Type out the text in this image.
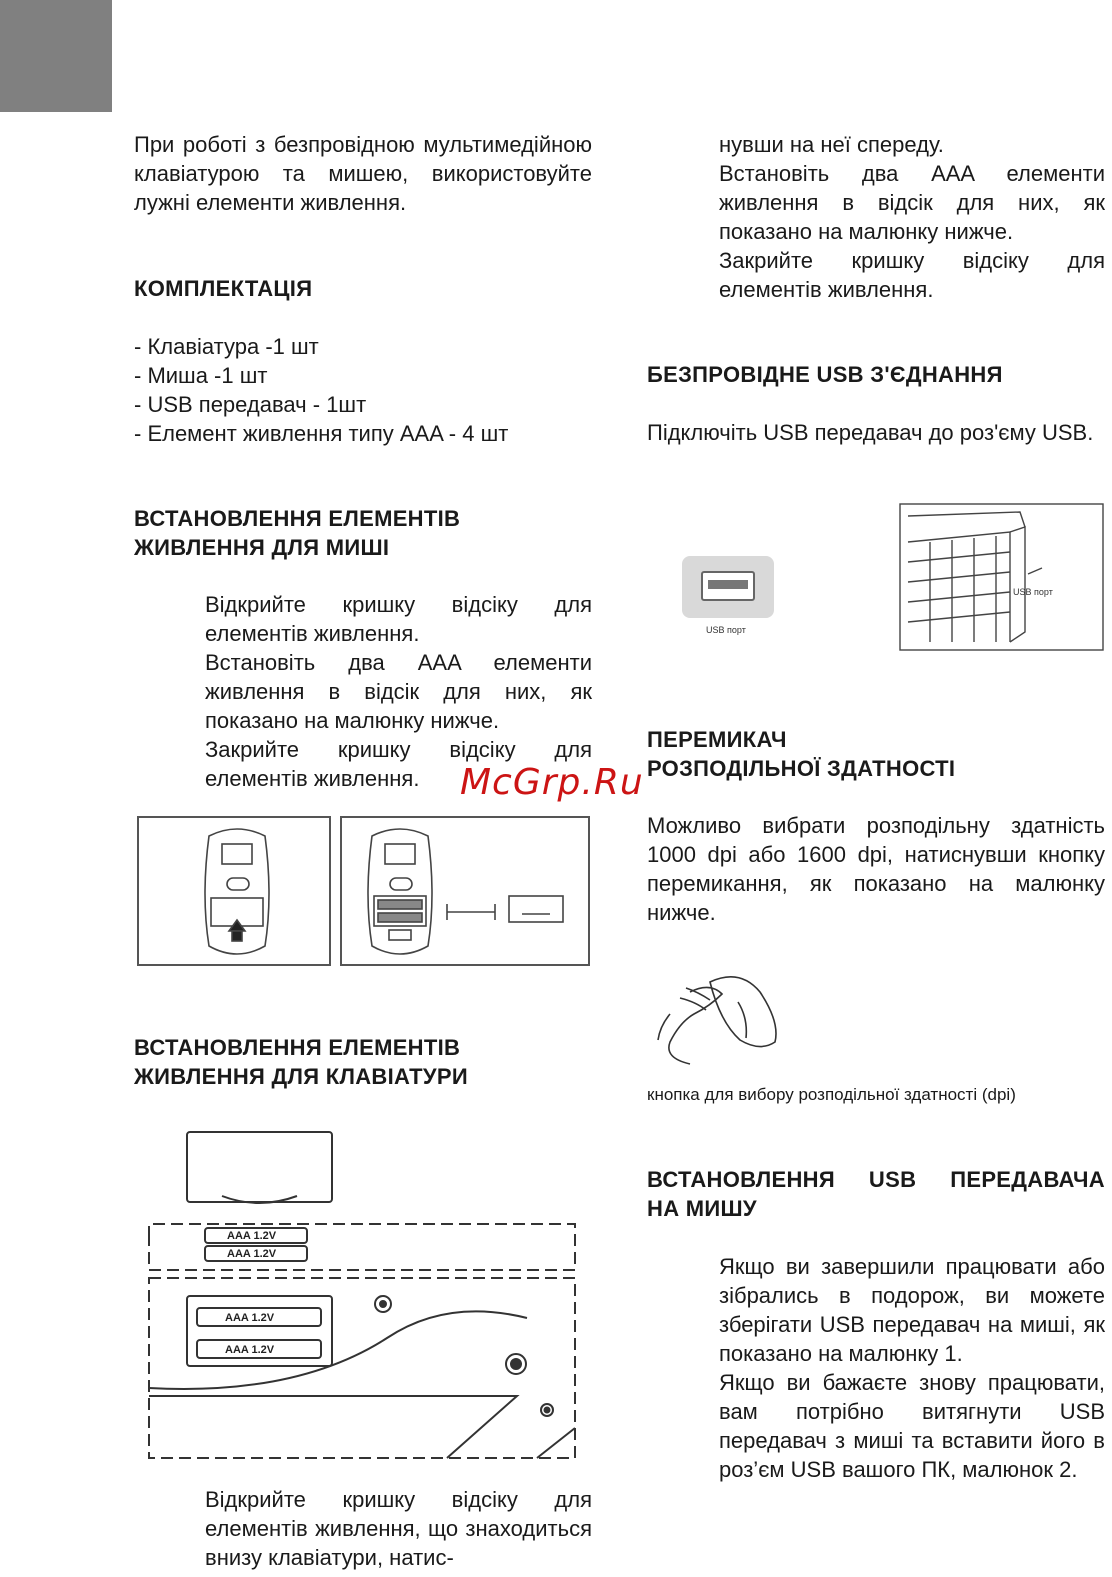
При роботі з безпровідною мультимедійною клавіатурою та мишею, використовуйте лужні елементи живлення.
КОМПЛЕКТАЦІЯ
- Клавіатура -1 шт
- Миша -1 шт
- USB передавач - 1шт
- Елемент живлення типу AAA - 4 шт
ВСТАНОВЛЕННЯ ЕЛЕМЕНТІВ
ЖИВЛЕННЯ ДЛЯ МИШІ

Відкрийте кришку відсіку для елементів живлення.

Встановіть два AAA елементи живлення в відсік для них, як показано на малюнку нижче.

Закрийте кришку відсіку для елементів живлення.

ВСТАНОВЛЕННЯ ЕЛЕМЕНТІВ
ЖИВЛЕННЯ ДЛЯ КЛАВІАТУРИ
AAA 1.2V
AAA 1.2V
AAA 1.2V
AAA 1.2V
Відкрийте кришку відсіку для елементів живлення, що знаходиться внизу клавіатури, натис-

нувши на неї спереду.

Встановіть два AAA елементи живлення в відсік для них, як показано на малюнку нижче.

Закрийте кришку відсіку для елементів живлення.

БЕЗПРОВІДНЕ USB З'ЄДНАННЯ
Підключіть USB передавач до роз'єму USB.
USB порт
USB порт
ПЕРЕМИКАЧ
РОЗПОДІЛЬНОЇ ЗДАТНОСТІ
Можливо вибрати розподільну здатність 1000 dpi або 1600 dpi, натиснувши кнопку перемикання, як показано на малюнку нижче.
кнопка для вибору розподільної здатності (dpi)
ВСТАНОВЛЕННЯ USB ПЕРЕДАВАЧА
НА МИШУ

Якщо ви завершили працювати або зібрались в подорож, ви можете зберігати USB передавач на миші, як показано на малюнку 1.

Якщо ви бажаєте знову працювати, вам потрібно витягнути USB передавач з миші та вставити його в роз’єм USB вашого ПК, малюнок 2.

McGrp.Ru
